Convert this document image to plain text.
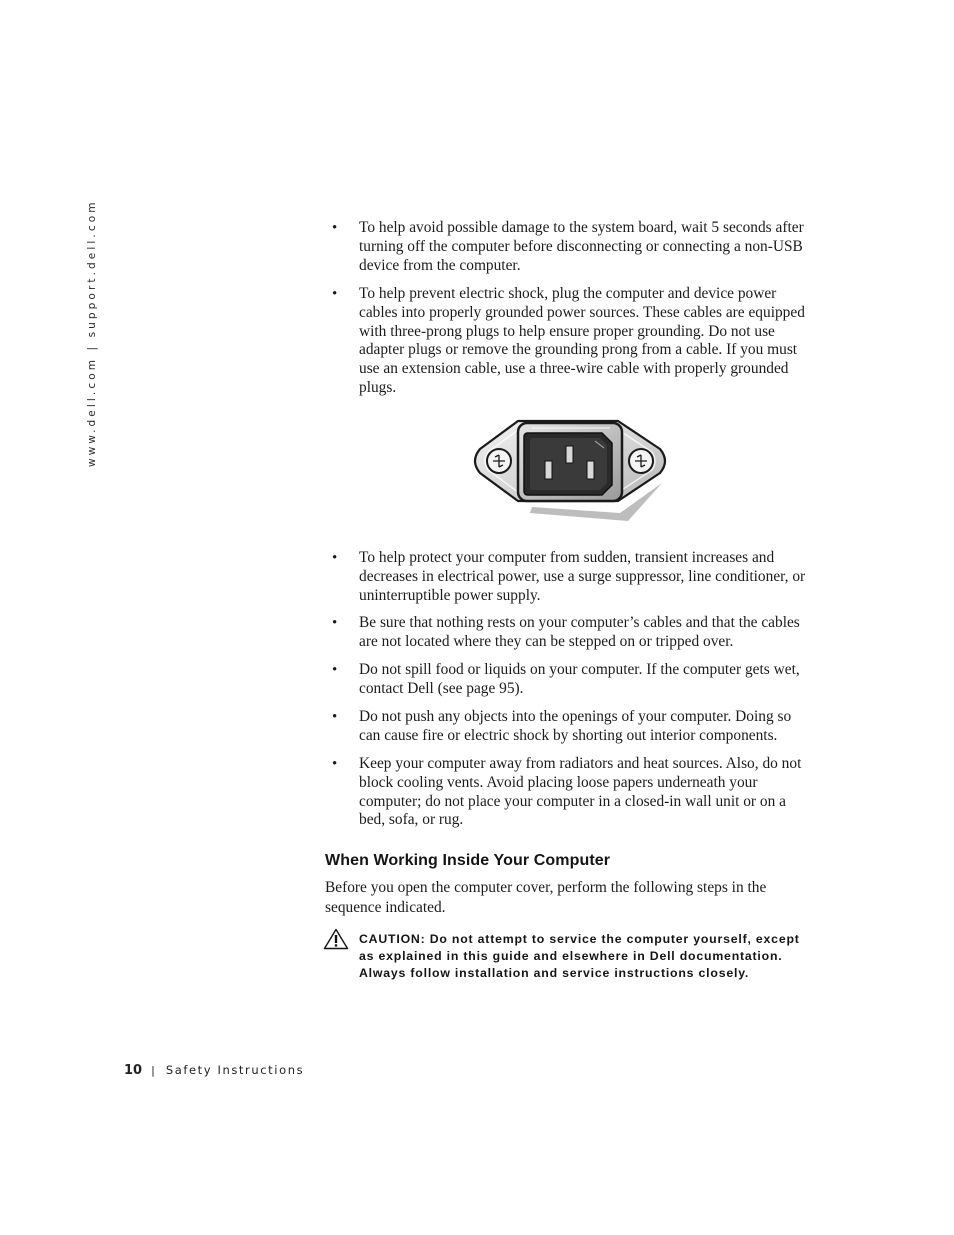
www.dell.com | support.dell.com	• To help avoid possible damage to the system board, wait 5 seconds after turning off the computer before disconnecting or connecting a non-USB device from the computer.
• To help prevent electric shock, plug the computer and device power cables into properly grounded power sources. These cables are equipped with three-prong plugs to help ensure proper grounding. Do not use adapter plugs or remove the grounding prong from a cable. If you must use an extension cable, use a three-wire cable with properly grounded plugs.
• To help protect your computer from sudden, transient increases and decreases in electrical power, use a surge suppressor, line conditioner, or uninterruptible power supply.
• Be sure that nothing rests on your computer’s cables and that the cables are not located where they can be stepped on or tripped over.
• Do not spill food or liquids on your computer. If the computer gets wet, contact Dell (see page 95).
• Do not push any objects into the openings of your computer. Doing so can cause fire or electric shock by shorting out interior components.
• Keep your computer away from radiators and heat sources. Also, do not block cooling vents. Avoid placing loose papers underneath your computer; do not place your computer in a closed-in wall unit or on a bed, sofa, or rug.
When Working Inside Your Computer

Before you open the computer cover, perform the following steps in the sequence indicated.

CAUTION: Do not attempt to service the computer yourself, except as explained in this guide and elsewhere in Dell documentation. Always follow installation and service instructions closely.

10 | Safety Instructions
